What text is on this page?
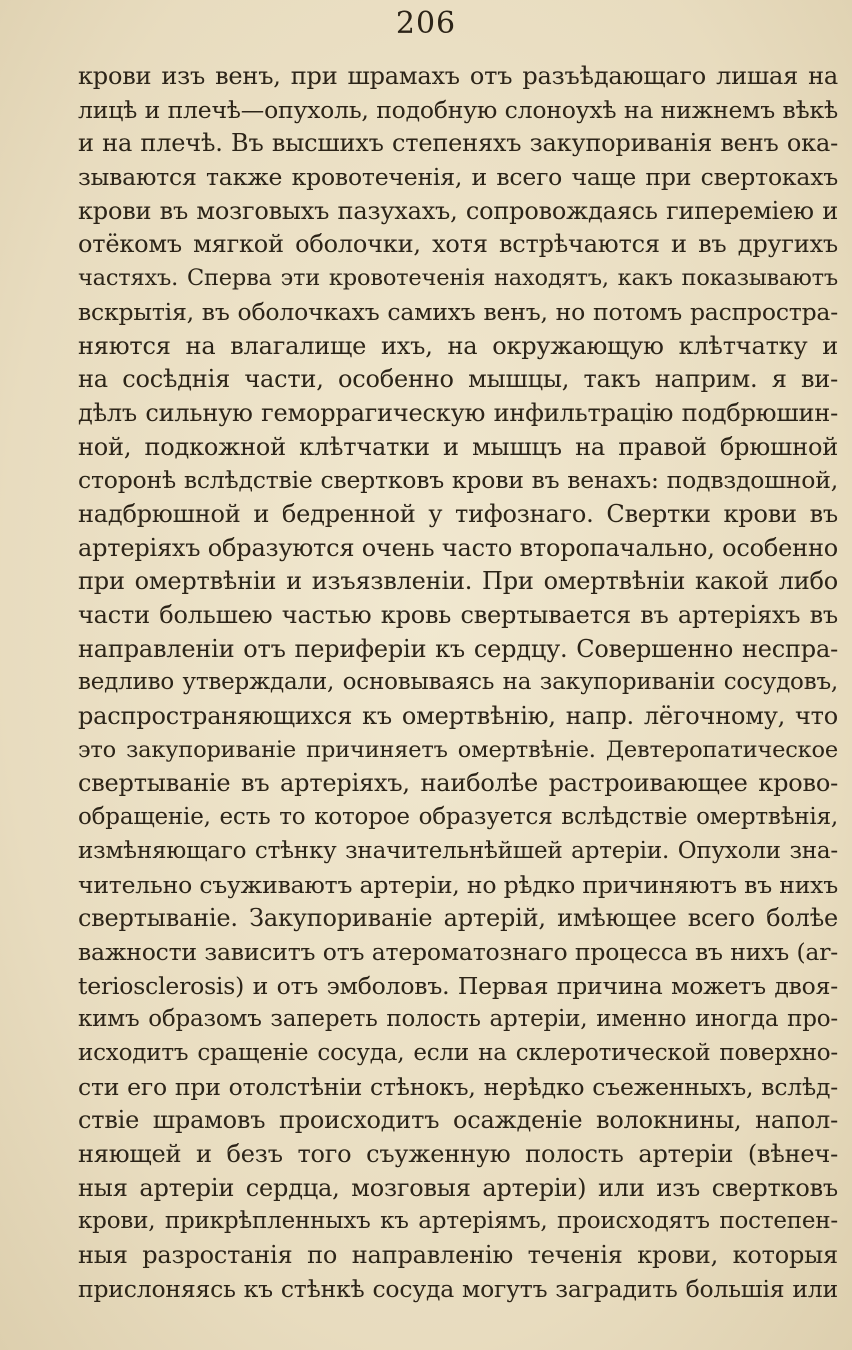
206
крови изъ венъ, при шрамахъ отъ разъѣдающаго лишая на
лицѣ и плечѣ—опухоль, подобную слоноухѣ на нижнемъ вѣкѣ
и на плечѣ. Въ высшихъ степеняхъ закупориванія венъ ока-
зываются также кровотеченія, и всего чаще при свертокахъ
крови въ мозговыхъ пазухахъ, сопровождаясь гипереміею и
отёкомъ мягкой оболочки, хотя встрѣчаются и въ другихъ
частяхъ. Сперва эти кровотеченія находятъ, какъ показываютъ
вскрытія, въ оболочкахъ самихъ венъ, но потомъ распростра-
няются на влагалище ихъ, на окружающую клѣтчатку и
на сосѣднія части, особенно мышцы, такъ наприм. я ви-
дѣлъ сильную геморрагическую инфильтрацію подбрюшин-
ной, подкожной клѣтчатки и мышцъ на правой брюшной
сторонѣ вслѣдствіе свертковъ крови въ венахъ: подвздошной,
надбрюшной и бедренной у тифознаго. Свертки крови въ
артеріяхъ образуются очень часто второпачально, особенно
при омертвѣніи и изъязвленіи. При омертвѣніи какой либо
части большею частью кровь свертывается въ артеріяхъ въ
направленіи отъ периферіи къ сердцу. Совершенно неспра-
ведливо утверждали, основываясь на закупориваніи сосудовъ,
распространяющихся къ омертвѣнію, напр. лёгочному, что
это закупориваніе причиняетъ омертвѣніе. Девтеропатическое
свертываніе въ артеріяхъ, наиболѣе растроивающее крово-
обращеніе, есть то которое образуется вслѣдствіе омертвѣнія,
измѣняющаго стѣнку значительнѣйшей артеріи. Опухоли зна-
чительно съуживаютъ артеріи, но рѣдко причиняютъ въ нихъ
свертываніе. Закупориваніе артерій, имѣющее всего болѣе
важности зависитъ отъ атероматознаго процесса въ нихъ (ar-
teriosclerosis) и отъ эмболовъ. Первая причина можетъ двоя-
кимъ образомъ запереть полость артеріи, именно иногда про-
исходитъ сращеніе сосуда, если на склеротической поверхно-
сти его при отолстѣніи стѣнокъ, нерѣдко съеженныхъ, вслѣд-
ствіе шрамовъ происходитъ осажденіе волокнины, напол-
няющей и безъ того съуженную полость артеріи (вѣнеч-
ныя артеріи сердца, мозговыя артеріи) или изъ свертковъ
крови, прикрѣпленныхъ къ артеріямъ, происходятъ постепен-
ныя разростанія по направленію теченія крови, которыя
прислоняясь къ стѣнкѣ сосуда могутъ заградить большія или
